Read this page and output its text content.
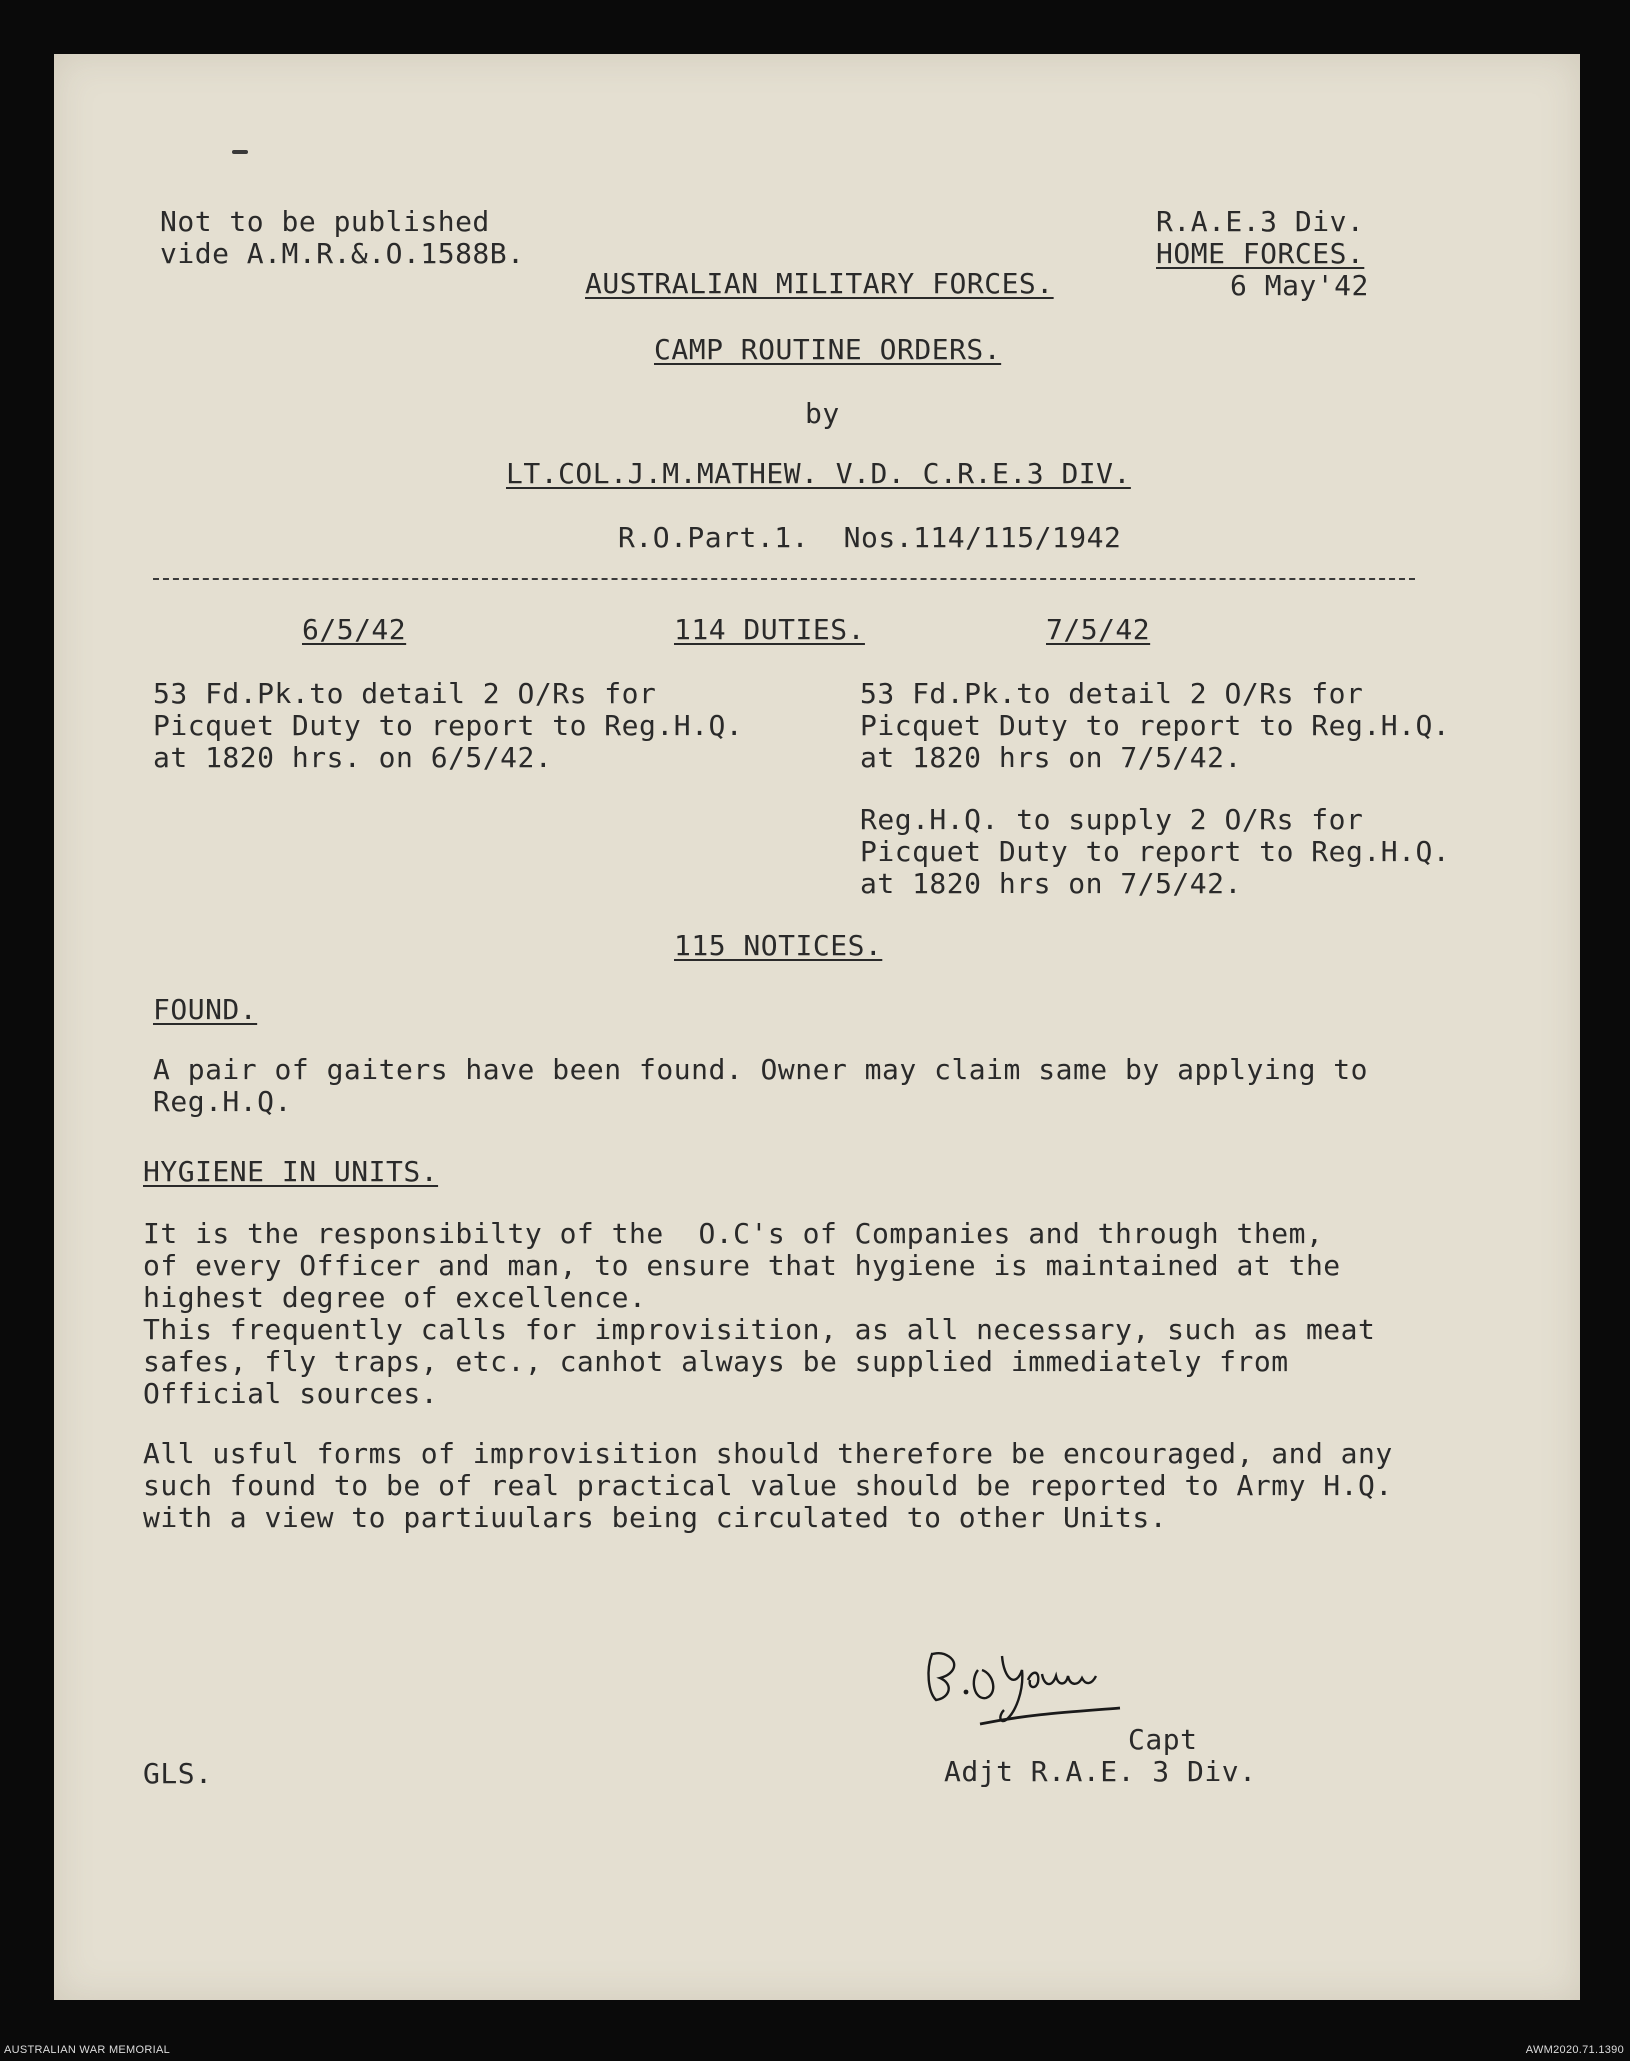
Not to be published
vide A.M.R.&.O.1588B.
R.A.E.3 Div.
HOME FORCES.
6 May'42
AUSTRALIAN MILITARY FORCES.
CAMP ROUTINE ORDERS.
by
LT.COL.J.M.MATHEW. V.D. C.R.E.3 DIV.
R.O.Part.1.  Nos.114/115/1942
6/5/42	114 DUTIES.	7/5/42
53 Fd.Pk.to detail 2 O/Rs for
Picquet Duty to report to Reg.H.Q.
at 1820 hrs. on 6/5/42.
53 Fd.Pk.to detail 2 O/Rs for
Picquet Duty to report to Reg.H.Q.
at 1820 hrs on 7/5/42.
Reg.H.Q. to supply 2 O/Rs for
Picquet Duty to report to Reg.H.Q.
at 1820 hrs on 7/5/42.
115 NOTICES.
FOUND.
A pair of gaiters have been found. Owner may claim same by applying to
Reg.H.Q.
HYGIENE IN UNITS.
It is the responsibilty of the  O.C's of Companies and through them,
of every Officer and man, to ensure that hygiene is maintained at the
highest degree of excellence.
This frequently calls for improvisition, as all necessary, such as meat
safes, fly traps, etc., canhot always be supplied immediately from
Official sources.
All usful forms of improvisition should therefore be encouraged, and any
such found to be of real practical value should be reported to Army H.Q.
with a view to partiuulars being circulated to other Units.
Capt
Adjt R.A.E. 3 Div.
GLS.
AUSTRALIAN WAR MEMORIAL	AWM2020.71.1390
